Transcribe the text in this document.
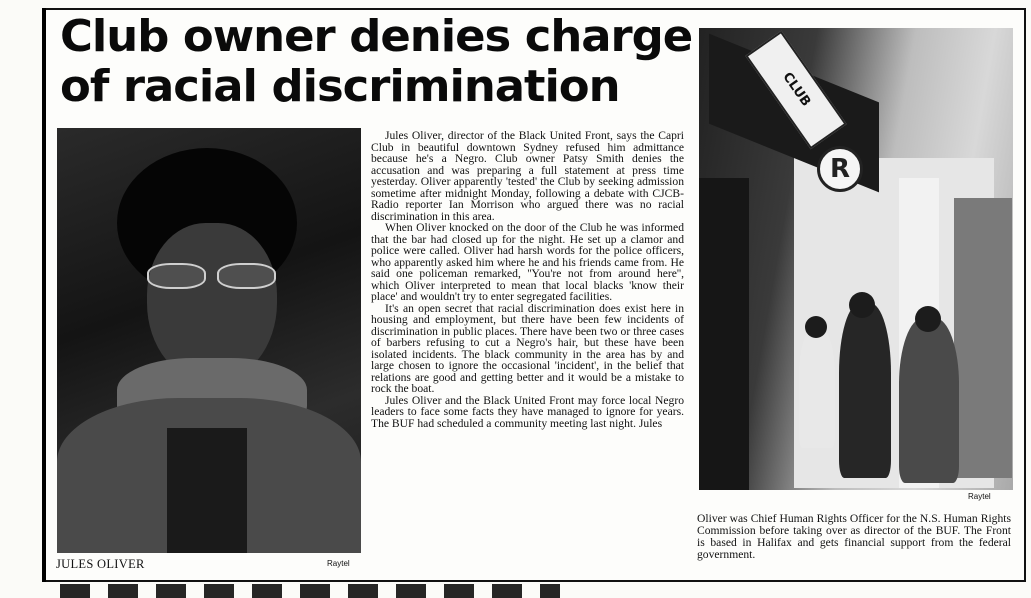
Club owner denies charge
of racial discrimination
JULES OLIVER	Raytel

Jules Oliver, director of the Black United Front, says the Capri Club in beautiful downtown Sydney refused him admittance because he's a Negro. Club owner Patsy Smith denies the accusation and was preparing a full statement at press time yesterday. Oliver apparently 'tested' the Club by seeking admission sometime after midnight Monday, following a debate with CJCB-Radio reporter Ian Morrison who argued there was no racial discrimination in this area.

When Oliver knocked on the door of the Club he was informed that the bar had closed up for the night. He set up a clamor and police were called. Oliver had harsh words for the police officers, who apparently asked him where he and his friends came from. He said one policeman remarked, ''You're not from around here'', which Oliver interpreted to mean that local blacks 'know their place' and wouldn't try to enter segregated facilities.

It's an open secret that racial discrimination does exist here in housing and employment, but there have been few incidents of discrimination in public places. There have been two or three cases of barbers refusing to cut a Negro's hair, but these have been isolated incidents. The black community in the area has by and large chosen to ignore the occasional 'incident', in the belief that relations are good and getting better and it would be a mistake to rock the boat.

Jules Oliver and the Black United Front may force local Negro leaders to face some facts they have managed to ignore for years. The BUF had scheduled a community meeting last night. Jules

CLUB
R
Raytel
Oliver was Chief Human Rights Officer for the N.S. Human Rights Commission before taking over as director of the BUF. The Front is based in Halifax and gets financial support from the federal government.
